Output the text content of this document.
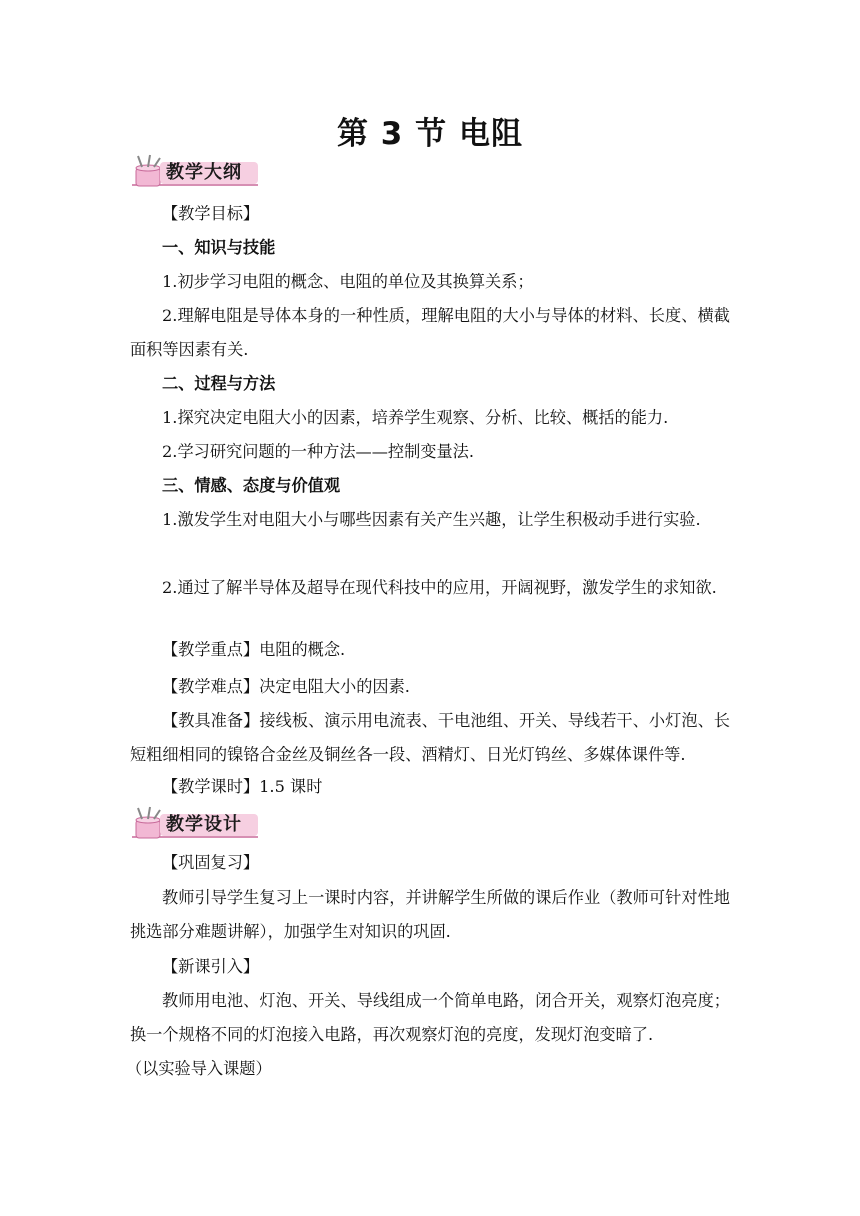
第 3 节 电阻
教学大纲
【教学目标】
一、知识与技能
1.初步学习电阻的概念、电阻的单位及其换算关系；
2.理解电阻是导体本身的一种性质，理解电阻的大小与导体的材料、长度、横截面积等因素有关.
二、过程与方法
1.探究决定电阻大小的因素，培养学生观察、分析、比较、概括的能力.
2.学习研究问题的一种方法——控制变量法.
三、情感、态度与价值观
1.激发学生对电阻大小与哪些因素有关产生兴趣，让学生积极动手进行实验.
2.通过了解半导体及超导在现代科技中的应用，开阔视野，激发学生的求知欲.
【教学重点】电阻的概念.
【教学难点】决定电阻大小的因素.
【教具准备】接线板、演示用电流表、干电池组、开关、导线若干、小灯泡、长短粗细相同的镍铬合金丝及铜丝各一段、酒精灯、日光灯钨丝、多媒体课件等.
【教学课时】1.5 课时
教学设计
【巩固复习】
教师引导学生复习上一课时内容，并讲解学生所做的课后作业（教师可针对性地挑选部分难题讲解），加强学生对知识的巩固.
【新课引入】
教师用电池、灯泡、开关、导线组成一个简单电路，闭合开关，观察灯泡亮度；换一个规格不同的灯泡接入电路，再次观察灯泡的亮度，发现灯泡变暗了.
（以实验导入课题）
